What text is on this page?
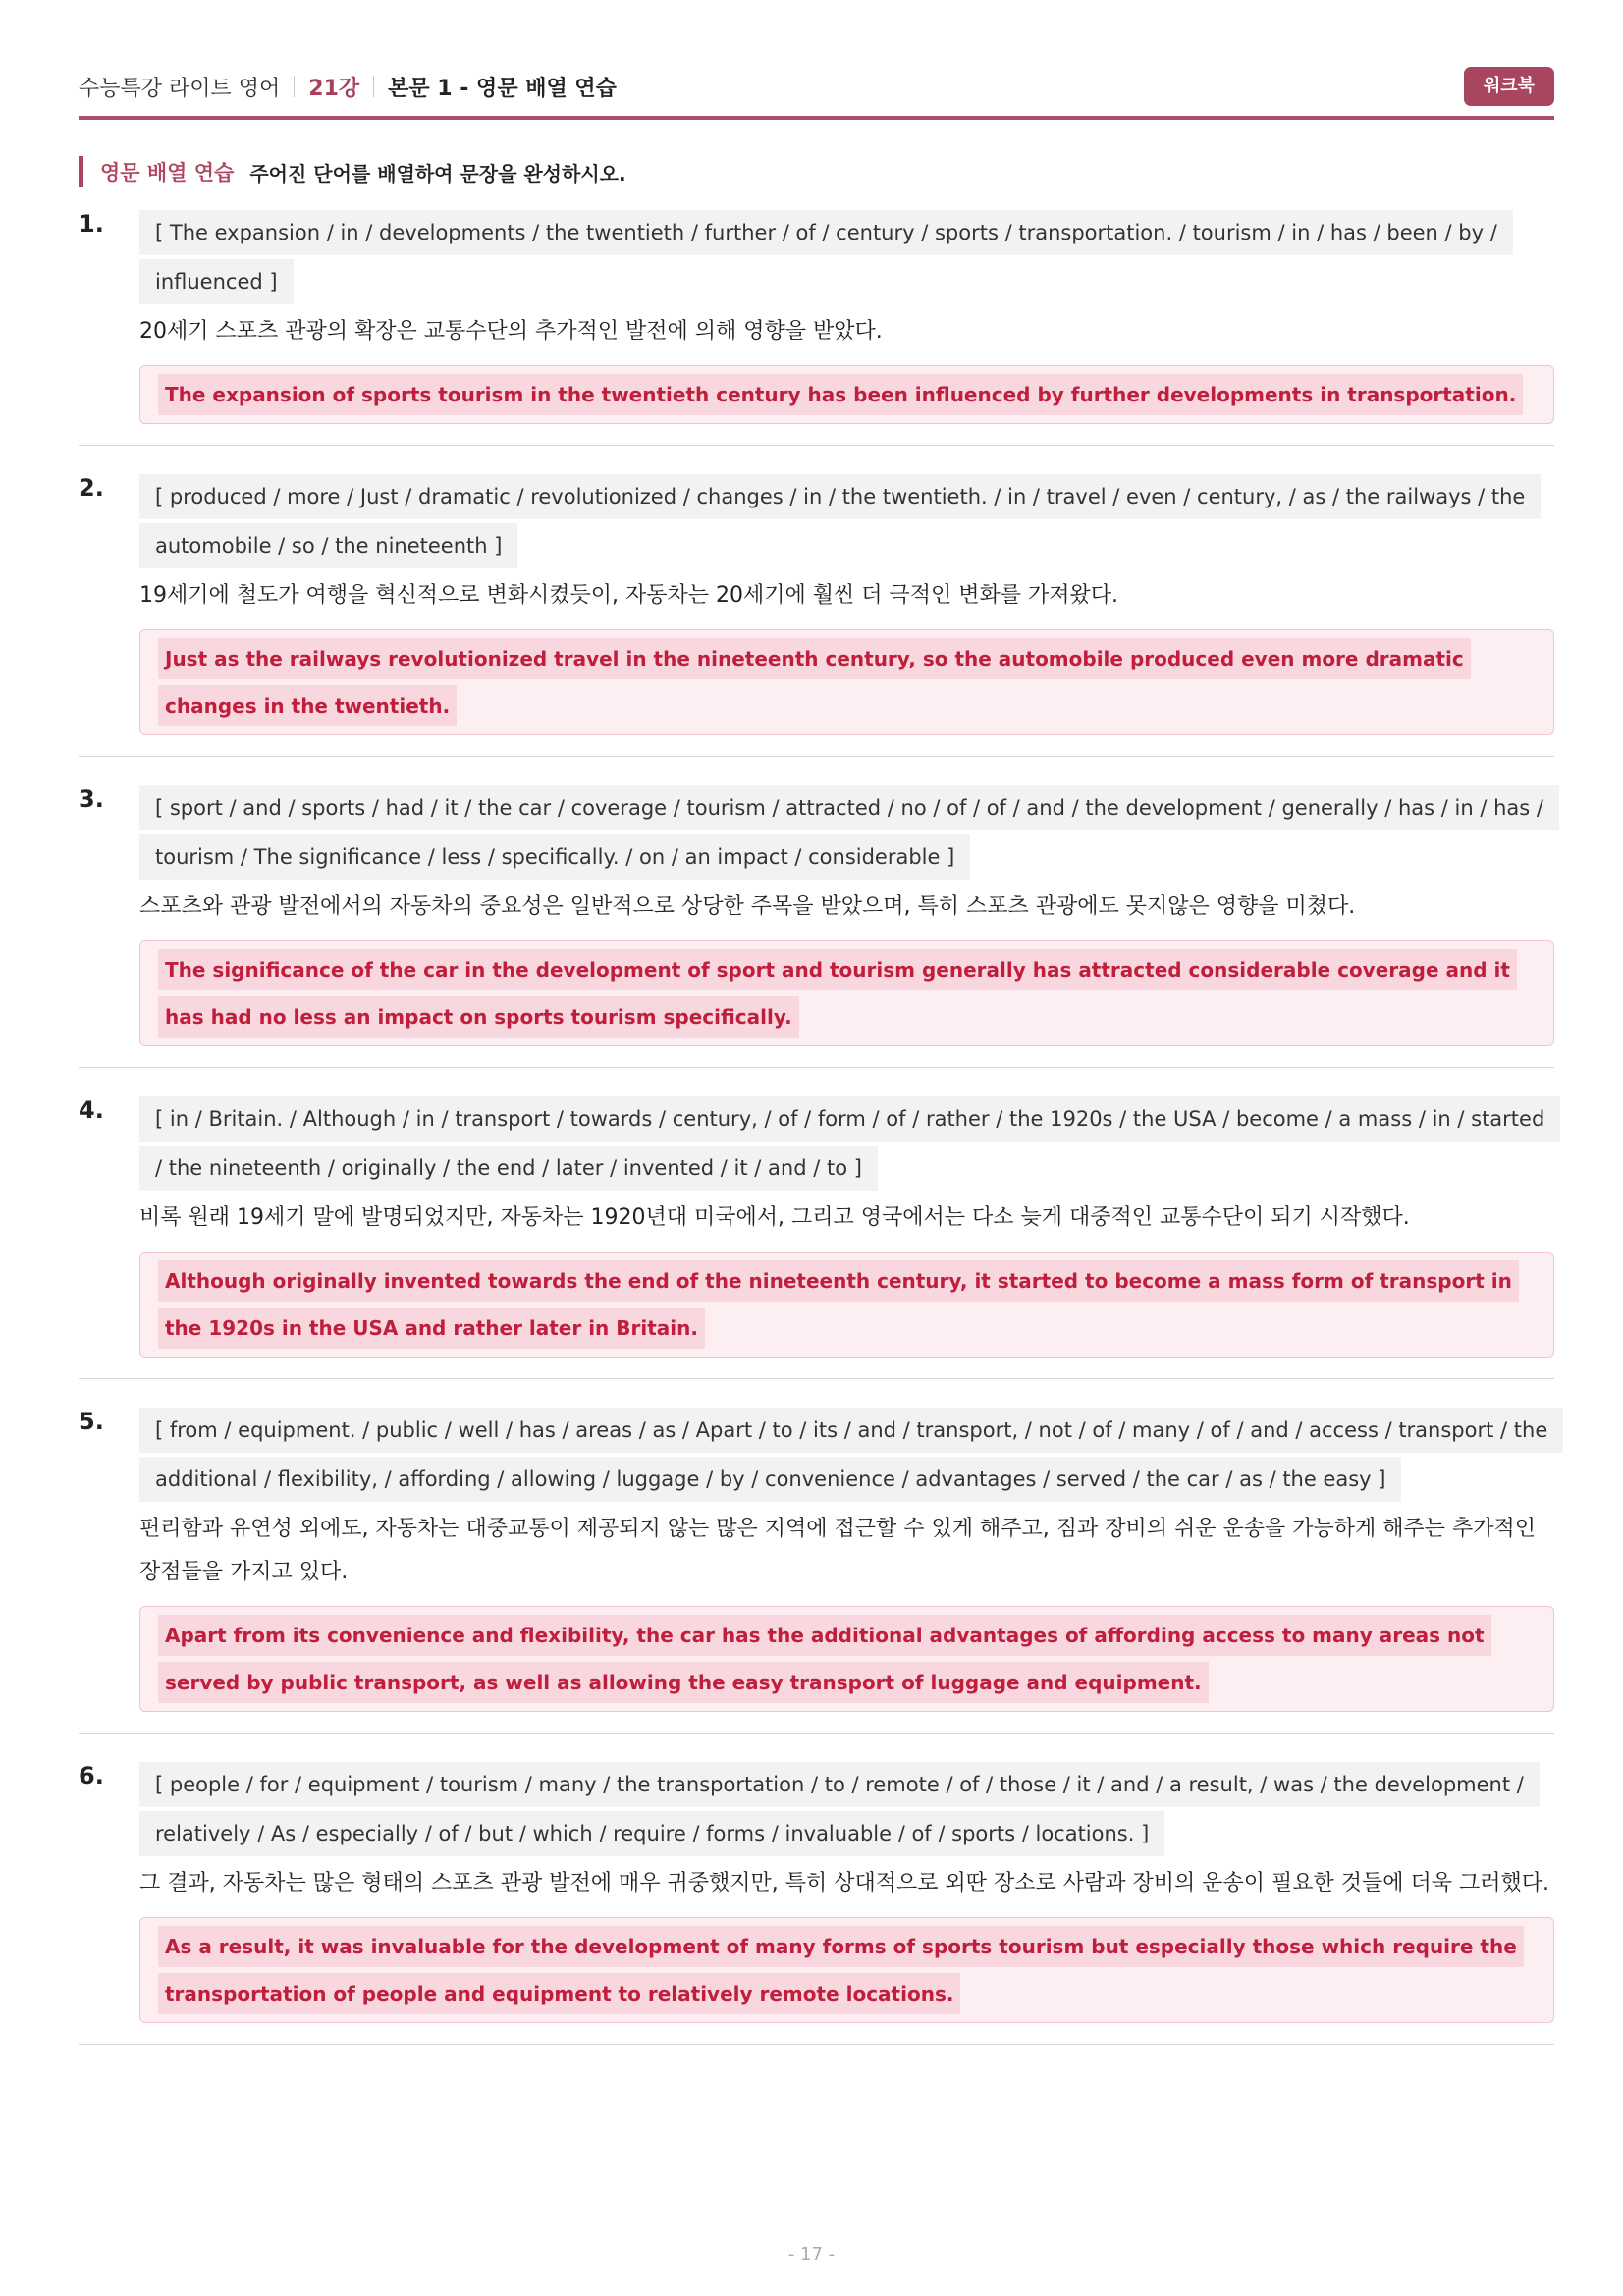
수능특강 라이트 영어 21강 본문 1 - 영문 배열 연습	워크북
영문 배열 연습 주어진 단어를 배열하여 문장을 완성하시오.
1.	[ The expansion / in / developments / the twentieth / further / of / century / sports / transportation. / tourism / in / has / been / by / influenced ]

20세기 스포츠 관광의 확장은 교통수단의 추가적인 발전에 의해 영향을 받았다.
The expansion of sports tourism in the twentieth century has been influenced by further developments in transportation.
2.	[ produced / more / Just / dramatic / revolutionized / changes / in / the twentieth. / in / travel / even / century, / as / the railways / the automobile / so / the nineteenth ]

19세기에 철도가 여행을 혁신적으로 변화시켰듯이, 자동차는 20세기에 훨씬 더 극적인 변화를 가져왔다.
Just as the railways revolutionized travel in the nineteenth century, so the automobile produced even more dramatic changes in the twentieth.
3.	[ sport / and / sports / had / it / the car / coverage / tourism / attracted / no / of / of / and / the development / generally / has / in / has / tourism / The significance / less / specifically. / on / an impact / considerable ]

스포츠와 관광 발전에서의 자동차의 중요성은 일반적으로 상당한 주목을 받았으며, 특히 스포츠 관광에도 못지않은 영향을 미쳤다.
The significance of the car in the development of sport and tourism generally has attracted considerable coverage and it has had no less an impact on sports tourism specifically.
4.	[ in / Britain. / Although / in / transport / towards / century, / of / form / of / rather / the 1920s / the USA / become / a mass / in / started / the nineteenth / originally / the end / later / invented / it / and / to ]

비록 원래 19세기 말에 발명되었지만, 자동차는 1920년대 미국에서, 그리고 영국에서는 다소 늦게 대중적인 교통수단이 되기 시작했다.
Although originally invented towards the end of the nineteenth century, it started to become a mass form of transport in the 1920s in the USA and rather later in Britain.
5.	[ from / equipment. / public / well / has / areas / as / Apart / to / its / and / transport, / not / of / many / of / and / access / transport / the additional / flexibility, / affording / allowing / luggage / by / convenience / advantages / served / the car / as / the easy ]

편리함과 유연성 외에도, 자동차는 대중교통이 제공되지 않는 많은 지역에 접근할 수 있게 해주고, 짐과 장비의 쉬운 운송을 가능하게 해주는 추가적인 장점들을 가지고 있다.
Apart from its convenience and flexibility, the car has the additional advantages of affording access to many areas not served by public transport, as well as allowing the easy transport of luggage and equipment.
6.	[ people / for / equipment / tourism / many / the transportation / to / remote / of / those / it / and / a result, / was / the development / relatively / As / especially / of / but / which / require / forms / invaluable / of / sports / locations. ]

그 결과, 자동차는 많은 형태의 스포츠 관광 발전에 매우 귀중했지만, 특히 상대적으로 외딴 장소로 사람과 장비의 운송이 필요한 것들에 더욱 그러했다.
As a result, it was invaluable for the development of many forms of sports tourism but especially those which require the transportation of people and equipment to relatively remote locations.
- 17 -
